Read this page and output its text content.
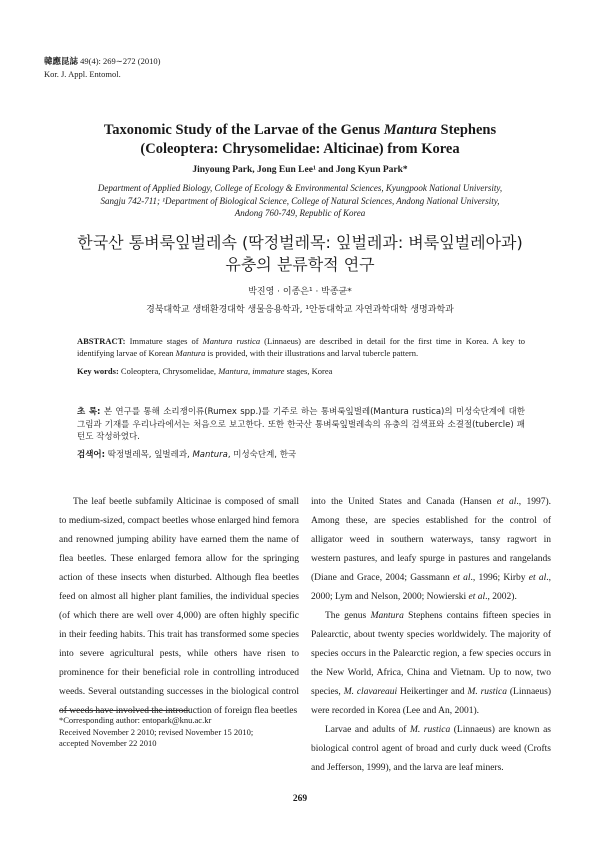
韓應昆誌 49(4): 269∼272 (2010)
Kor. J. Appl. Entomol.
Taxonomic Study of the Larvae of the Genus Mantura Stephens
(Coleoptera: Chrysomelidae: Alticinae) from Korea
Jinyoung Park, Jong Eun Lee¹ and Jong Kyun Park*
Department of Applied Biology, College of Ecology & Environmental Sciences, Kyungpook National University,
Sangju 742-711; ¹Department of Biological Science, College of Natural Sciences, Andong National University,
Andong 760-749, Republic of Korea
한국산 통벼룩잎벌레속 (딱정벌레목: 잎벌레과: 벼룩잎벌레아과)
유충의 분류학적 연구
박진영 · 이종은¹ · 박종균*
경북대학교 생태환경대학 생물응용학과, ¹안동대학교 자연과학대학 생명과학과
ABSTRACT: Immature stages of Mantura rustica (Linnaeus) are described in detail for the first time in Korea. A key to identifying larvae of Korean Mantura is provided, with their illustrations and larval tubercle pattern.
Key words: Coleoptera, Chrysomelidae, Mantura, immature stages, Korea
초 록: 본 연구를 통해 소리쟁이류(Rumex spp.)를 기주로 하는 통벼룩잎벌레(Mantura rustica)의 미성숙단계에 대한 그림과 기재를 우리나라에서는 처음으로 보고한다. 또한 한국산 통벼룩잎벌레속의 유충의 검색표와 소결절(tubercle) 패턴도 작성하였다.
검색어: 딱정벌레목, 잎벌레과, Mantura, 미성숙단계, 한국

The leaf beetle subfamily Alticinae is composed of small to medium-sized, compact beetles whose enlarged hind femora and renowned jumping ability have earned them the name of flea beetles. These enlarged femora allow for the springing action of these insects when disturbed. Although flea beetles feed on almost all higher plant families, the individual species (of which there are well over 4,000) are often highly specific in their feeding habits. This trait has transformed some species into severe agricultural pests, while others have risen to prominence for their beneficial role in controlling introduced weeds. Several outstanding successes in the biological control of weeds have involved the introduction of foreign flea beetles

into the United States and Canada (Hansen et al., 1997). Among these, are species established for the control of alligator weed in southern waterways, tansy ragwort in western pastures, and leafy spurge in pastures and rangelands (Diane and Grace, 2004; Gassmann et al., 1996; Kirby et al., 2000; Lym and Nelson, 2000; Nowierski et al., 2002).

The genus Mantura Stephens contains fifteen species in Palearctic, about twenty species worldwidely. The majority of species occurs in the Palearctic region, a few species occurs in the New World, Africa, China and Vietnam. Up to now, two species, M. clavareaui Heikertinger and M. rustica (Linnaeus) were recorded in Korea (Lee and An, 2001).

Larvae and adults of M. rustica (Linnaeus) are known as biological control agent of broad and curly duck weed (Crofts and Jefferson, 1999), and the larva are leaf miners.

*Corresponding author: entopark@knu.ac.kr
Received November 2 2010; revised November 15 2010;
accepted November 22 2010
269
